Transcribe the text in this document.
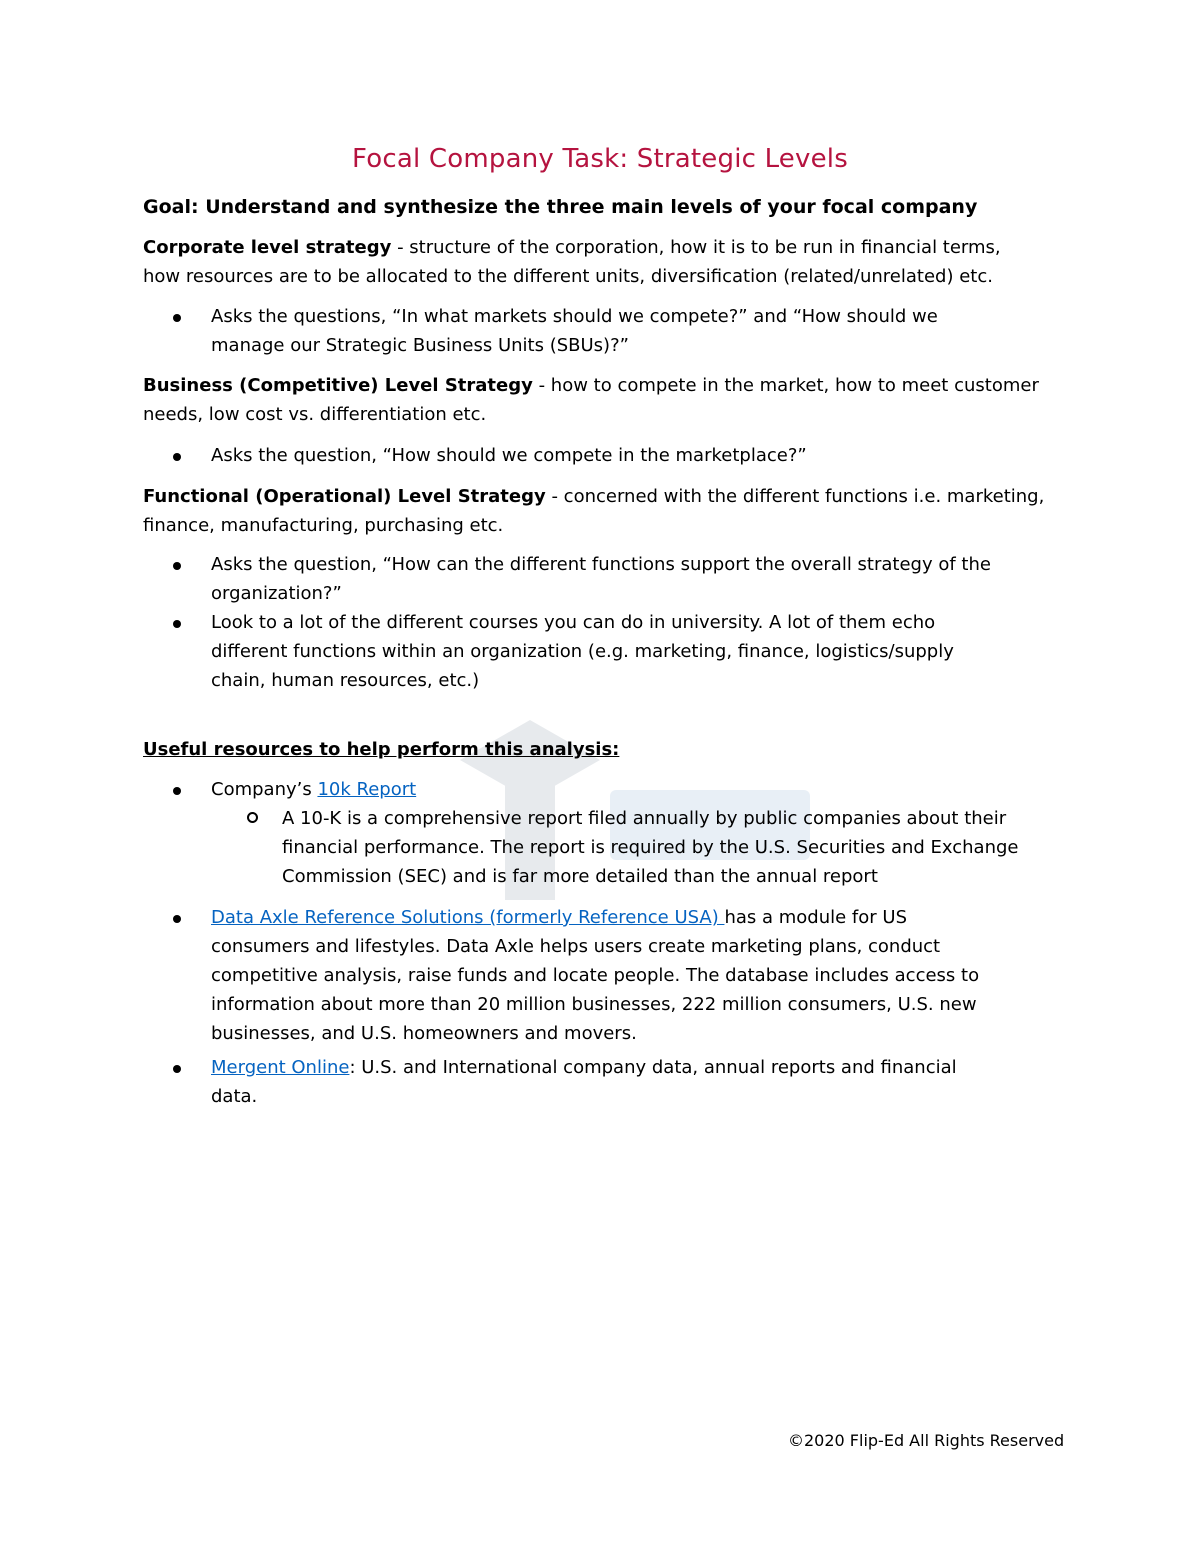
Focal Company Task: Strategic Levels
Goal: Understand and synthesize the three main levels of your focal company
Corporate level strategy - structure of the corporation, how it is to be run in financial terms,
how resources are to be allocated to the different units, diversification (related/unrelated) etc.
Asks the questions, “In what markets should we compete?” and “How should we
manage our Strategic Business Units (SBUs)?”
Business (Competitive) Level Strategy - how to compete in the market, how to meet customer
needs, low cost vs. differentiation etc.
Asks the question, “How should we compete in the marketplace?”
Functional (Operational) Level Strategy - concerned with the different functions i.e. marketing,
finance, manufacturing, purchasing etc.
Asks the question, “How can the different functions support the overall strategy of the
organization?”
Look to a lot of the different courses you can do in university. A lot of them echo
different functions within an organization (e.g. marketing, finance, logistics/supply
chain, human resources, etc.)
Useful resources to help perform this analysis:
Company’s 10k Report
A 10-K is a comprehensive report filed annually by public companies about their
financial performance. The report is required by the U.S. Securities and Exchange
Commission (SEC) and is far more detailed than the annual report
Data Axle Reference Solutions (formerly Reference USA) has a module for US
consumers and lifestyles. Data Axle helps users create marketing plans, conduct
competitive analysis, raise funds and locate people. The database includes access to
information about more than 20 million businesses, 222 million consumers, U.S. new
businesses, and U.S. homeowners and movers.
Mergent Online: U.S. and International company data, annual reports and financial
data.
©2020 Flip-Ed All Rights Reserved
